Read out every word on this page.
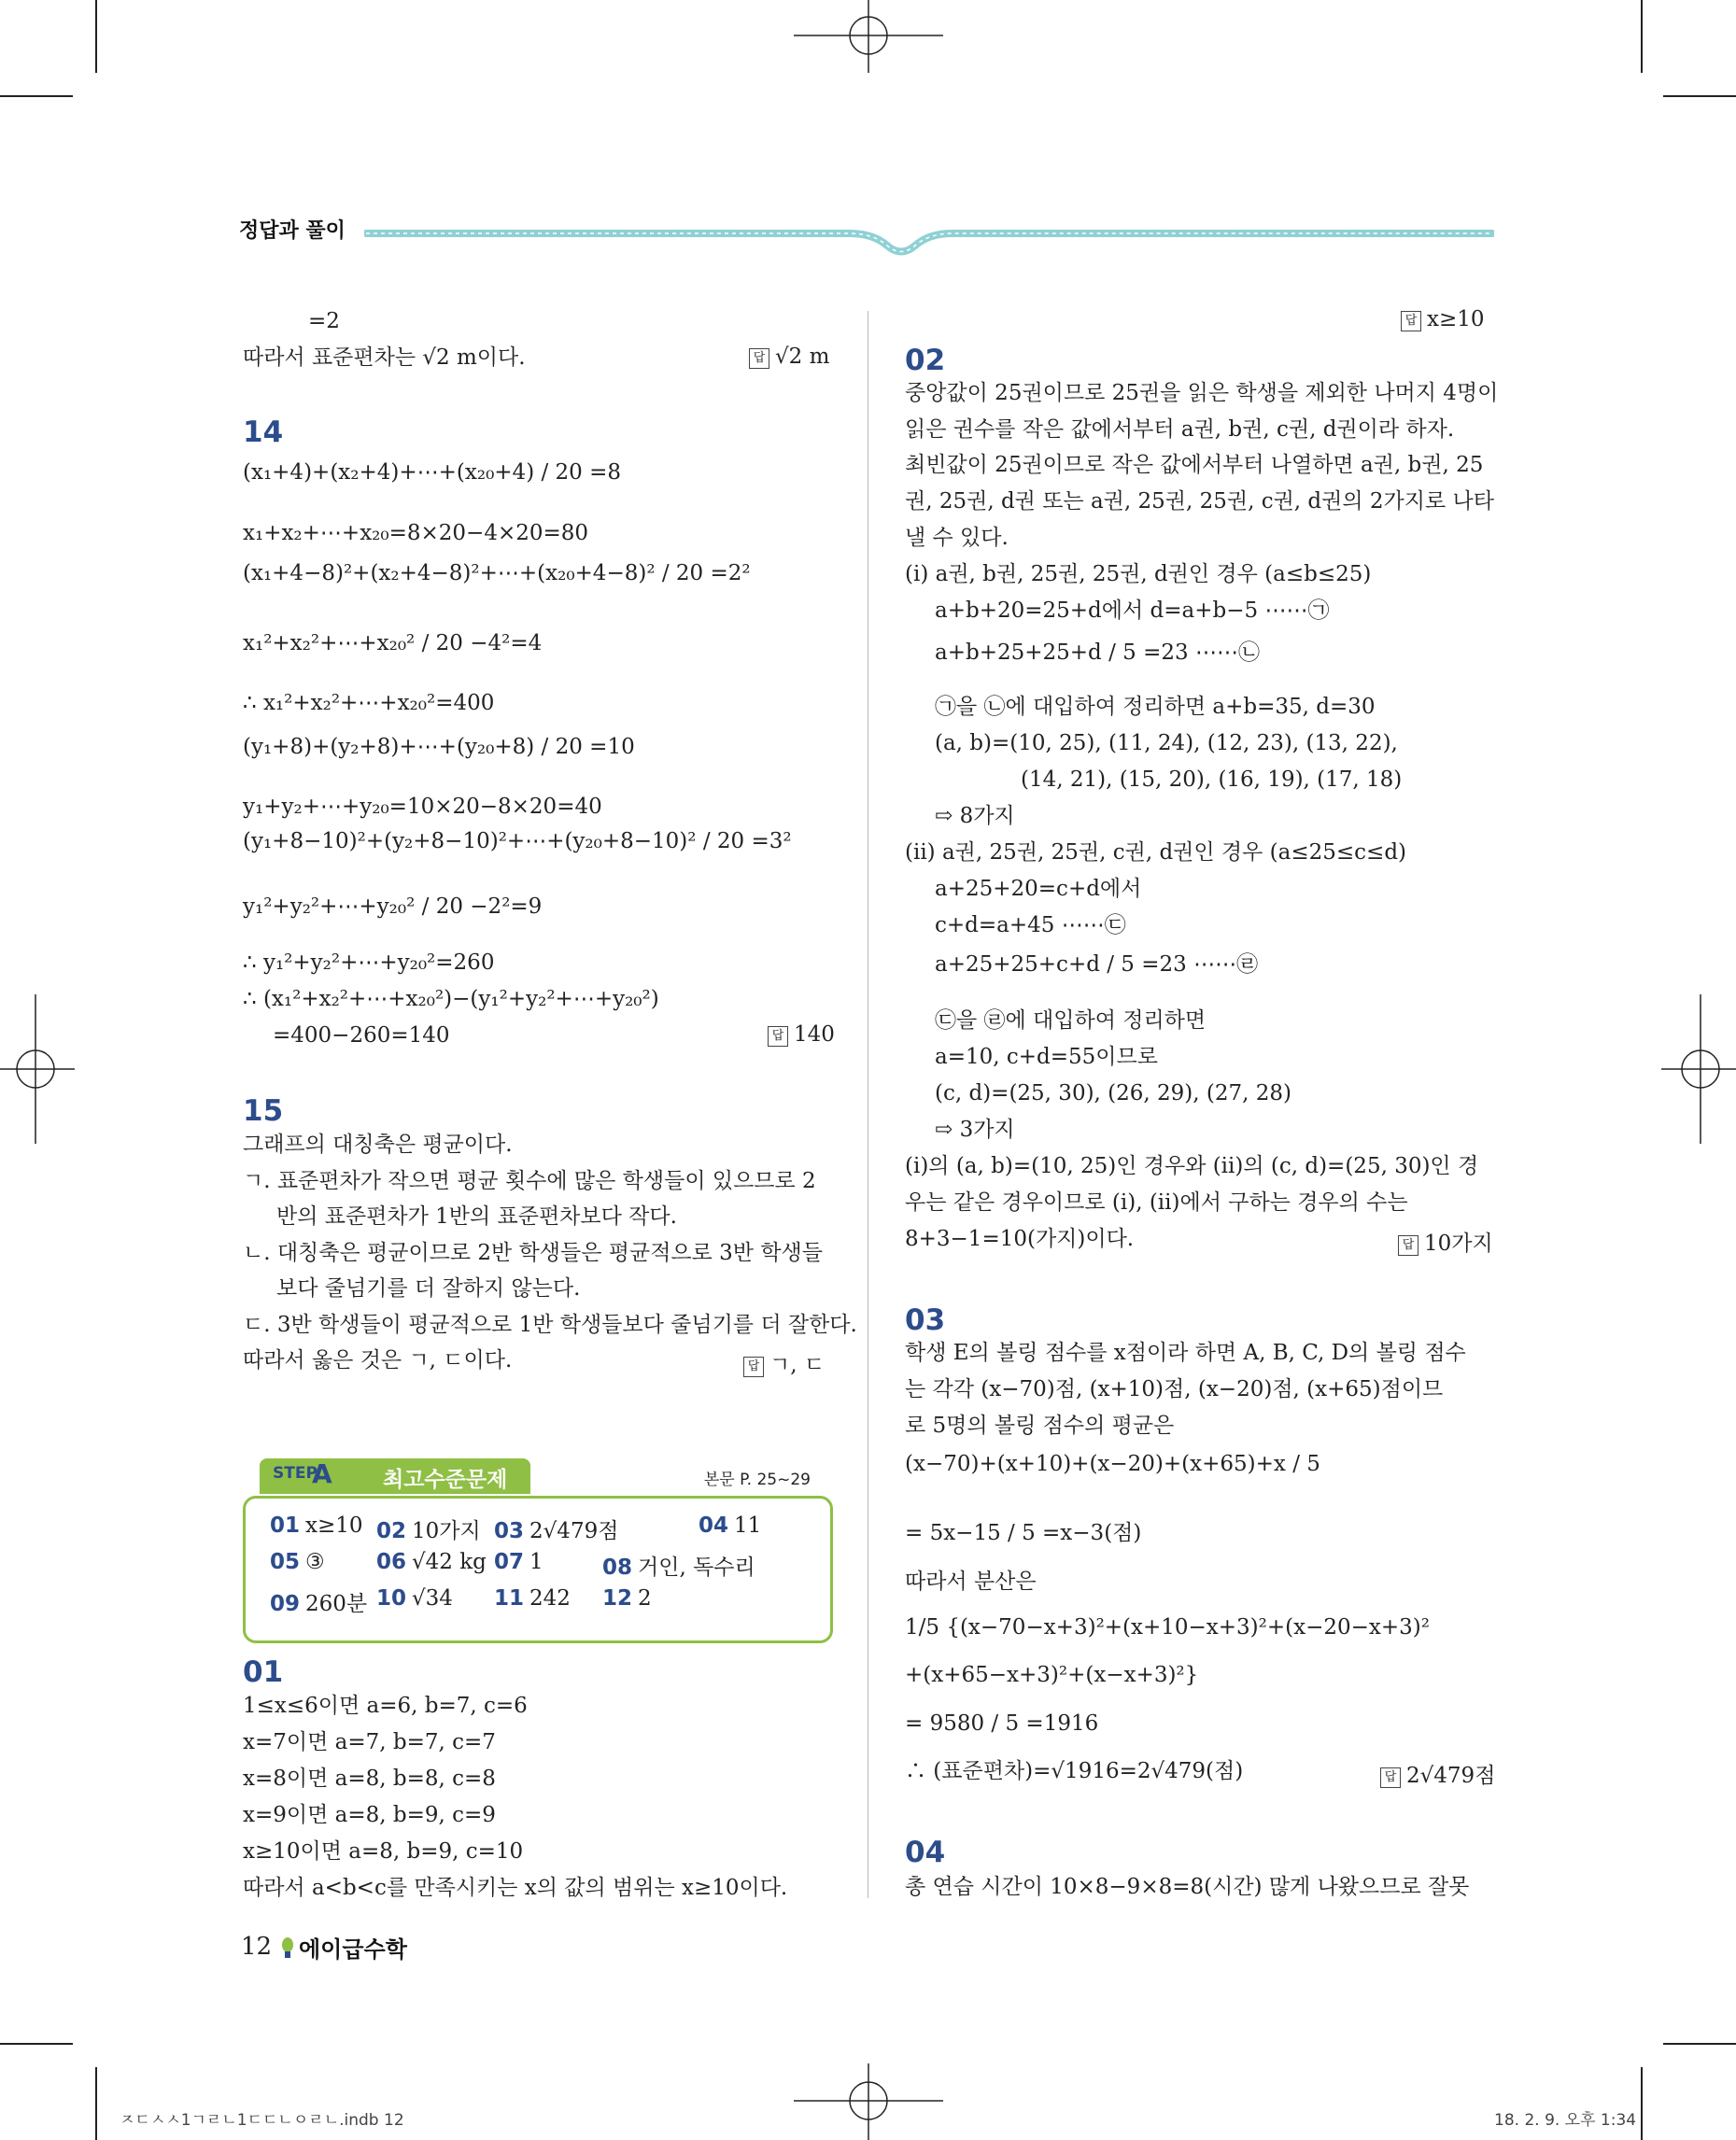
정답과 풀이
=2
따라서 표준편차는 √2 m이다.	답 √2 m
14
(x₁+4)+(x₂+4)+⋯+(x₂₀+4) / 20 =8
x₁+x₂+⋯+x₂₀=8×20−4×20=80
(x₁+4−8)²+(x₂+4−8)²+⋯+(x₂₀+4−8)² / 20 =2²
x₁²+x₂²+⋯+x₂₀² / 20 −4²=4
∴ x₁²+x₂²+⋯+x₂₀²=400
(y₁+8)+(y₂+8)+⋯+(y₂₀+8) / 20 =10
y₁+y₂+⋯+y₂₀=10×20−8×20=40
(y₁+8−10)²+(y₂+8−10)²+⋯+(y₂₀+8−10)² / 20 =3²
y₁²+y₂²+⋯+y₂₀² / 20 −2²=9
∴ y₁²+y₂²+⋯+y₂₀²=260
∴ (x₁²+x₂²+⋯+x₂₀²)−(y₁²+y₂²+⋯+y₂₀²)
=400−260=140	답 140
15
그래프의 대칭축은 평균이다.
ㄱ. 표준편차가 작으면 평균 횟수에 많은 학생들이 있으므로 2
반의 표준편차가 1반의 표준편차보다 작다.
ㄴ. 대칭축은 평균이므로 2반 학생들은 평균적으로 3반 학생들
보다 줄넘기를 더 잘하지 않는다.
ㄷ. 3반 학생들이 평균적으로 1반 학생들보다 줄넘기를 더 잘한다.
따라서 옳은 것은 ㄱ, ㄷ이다.	답 ㄱ, ㄷ
STEP
A 최고수준문제	본문 P. 25~29
01 x≥10 02 10가지 03 2√479점	04 11
05 ③ 06 √42 kg 07 1	08 거인, 독수리
09 260분 10 √34 11 242 12 2
01
1≤x≤6이면 a=6, b=7, c=6
x=7이면 a=7, b=7, c=7
x=8이면 a=8, b=8, c=8
x=9이면 a=8, b=9, c=9
x≥10이면 a=8, b=9, c=10
따라서 a<b<c를 만족시키는 x의 값의 범위는 x≥10이다.
답 x≥10
02
중앙값이 25권이므로 25권을 읽은 학생을 제외한 나머지 4명이
읽은 권수를 작은 값에서부터 a권, b권, c권, d권이라 하자.
최빈값이 25권이므로 작은 값에서부터 나열하면 a권, b권, 25
권, 25권, d권 또는 a권, 25권, 25권, c권, d권의 2가지로 나타
낼 수 있다.
(i) a권, b권, 25권, 25권, d권인 경우 (a≤b≤25)
a+b+20=25+d에서 d=a+b−5 ⋯⋯㉠
a+b+25+25+d / 5 =23 ⋯⋯㉡
㉠을 ㉡에 대입하여 정리하면 a+b=35, d=30
(a, b)=(10, 25), (11, 24), (12, 23), (13, 22),
(14, 21), (15, 20), (16, 19), (17, 18)
⇨ 8가지
(ii) a권, 25권, 25권, c권, d권인 경우 (a≤25≤c≤d)
a+25+20=c+d에서
c+d=a+45 ⋯⋯㉢
a+25+25+c+d / 5 =23 ⋯⋯㉣
㉢을 ㉣에 대입하여 정리하면
a=10, c+d=55이므로
(c, d)=(25, 30), (26, 29), (27, 28)
⇨ 3가지
(i)의 (a, b)=(10, 25)인 경우와 (ii)의 (c, d)=(25, 30)인 경
우는 같은 경우이므로 (i), (ii)에서 구하는 경우의 수는
8+3−1=10(가지)이다.	답 10가지
03
학생 E의 볼링 점수를 x점이라 하면 A, B, C, D의 볼링 점수
는 각각 (x−70)점, (x+10)점, (x−20)점, (x+65)점이므
로 5명의 볼링 점수의 평균은
(x−70)+(x+10)+(x−20)+(x+65)+x / 5
= 5x−15 / 5 =x−3(점)
따라서 분산은
1/5 {(x−70−x+3)²+(x+10−x+3)²+(x−20−x+3)²
+(x+65−x+3)²+(x−x+3)²}
= 9580 / 5 =1916
∴ (표준편차)=√1916=2√479(점)	답 2√479점
04
총 연습 시간이 10×8−9×8=8(시간) 많게 나왔으므로 잘못
12 에이급수학
ㅈㄷㅅㅅ1ㄱㄹㄴ1ㄷㄷㄴㅇㄹㄴ.indb 12	18. 2. 9. 오후 1:34
